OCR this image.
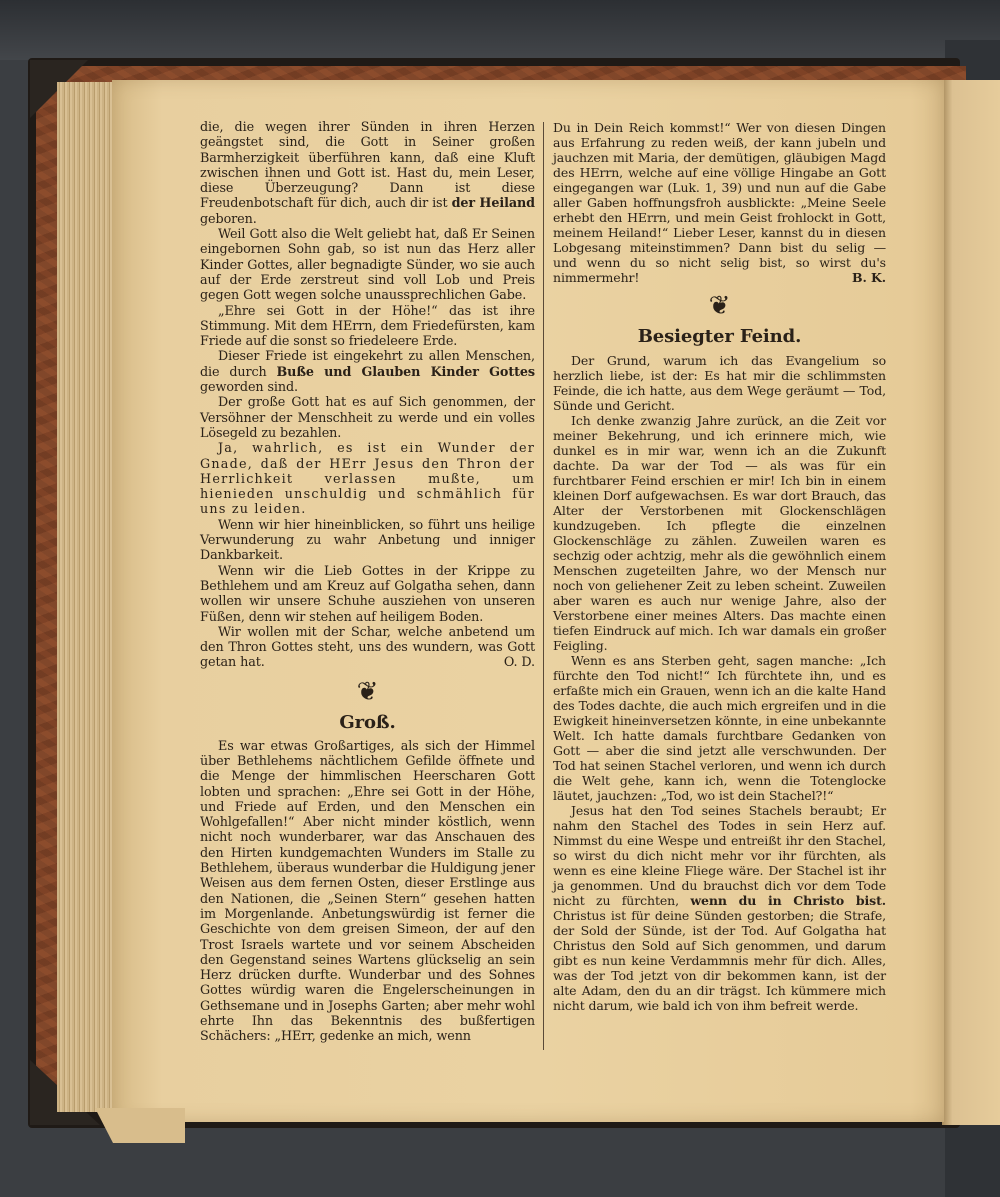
die, die wegen ihrer Sünden in ihren Herzen geängstet sind, die Gott in Seiner großen Barmherzigkeit überführen kann, daß eine Kluft zwischen ihnen und Gott ist. Hast du, mein Leser, diese Überzeugung? Dann ist diese Freudenbotschaft für dich, auch dir ist der Heiland geboren.

Weil Gott also die Welt geliebt hat, daß Er Seinen eingebornen Sohn gab, so ist nun das Herz aller Kinder Gottes, aller begnadigte Sünder, wo sie auch auf der Erde zerstreut sind voll Lob und Preis gegen Gott wegen solche unaussprechlichen Gabe.

„Ehre sei Gott in der Höhe!“ das ist ihre Stimmung. Mit dem HErrn, dem Friedefürsten, kam Friede auf die sonst so friedeleere Erde.

Dieser Friede ist eingekehrt zu allen Menschen, die durch Buße und Glauben Kinder Gottes geworden sind.

Der große Gott hat es auf Sich genommen, der Versöhner der Menschheit zu werde und ein volles Lösegeld zu bezahlen.

Ja, wahrlich, es ist ein Wunder der Gnade, daß der HErr Jesus den Thron der Herrlichkeit verlassen mußte, um hienieden unschuldig und schmählich für uns zu leiden.

Wenn wir hier hineinblicken, so führt uns heilige Verwunderung zu wahr Anbetung und inniger Dankbarkeit.

Wenn wir die Lieb Gottes in der Krippe zu Bethlehem und am Kreuz auf Golgatha sehen, dann wollen wir unsere Schuhe ausziehen von unseren Füßen, denn wir stehen auf heiligem Boden.

Wir wollen mit der Schar, welche anbetend um den Thron Gottes steht, uns des wundern, was Gott getan hat.	O. D.

❦
Groß.

Es war etwas Großartiges, als sich der Himmel über Bethlehems nächtlichem Gefilde öffnete und die Menge der himmlischen Heerscharen Gott lobten und sprachen: „Ehre sei Gott in der Höhe, und Friede auf Erden, und den Menschen ein Wohlgefallen!“ Aber nicht minder köstlich, wenn nicht noch wunderbarer, war das Anschauen des den Hirten kundgemachten Wunders im Stalle zu Bethlehem, überaus wunderbar die Huldigung jener Weisen aus dem fernen Osten, dieser Erstlinge aus den Nationen, die „Seinen Stern“ gesehen hatten im Morgenlande. Anbetungswürdig ist ferner die Geschichte von dem greisen Simeon, der auf den Trost Israels wartete und vor seinem Abscheiden den Gegenstand seines Wartens glückselig an sein Herz drücken durfte. Wunderbar und des Sohnes Gottes würdig waren die Engelerscheinungen in Gethsemane und in Josephs Garten; aber mehr wohl ehrte Ihn das Bekenntnis des bußfertigen Schächers: „HErr, gedenke an mich, wenn

Du in Dein Reich kommst!“ Wer von diesen Dingen aus Erfahrung zu reden weiß, der kann jubeln und jauchzen mit Maria, der demütigen, gläubigen Magd des HErrn, welche auf eine völlige Hingabe an Gott eingegangen war (Luk. 1, 39) und nun auf die Gabe aller Gaben hoffnungsfroh ausblickte: „Meine Seele erhebt den HErrn, und mein Geist frohlockt in Gott, meinem Heiland!“ Lieber Leser, kannst du in diesen Lobgesang miteinstimmen? Dann bist du selig — und wenn du so nicht selig bist, so wirst du's nimmermehr!	B. K.

❦
Besiegter Feind.

Der Grund, warum ich das Evangelium so herzlich liebe, ist der: Es hat mir die schlimmsten Feinde, die ich hatte, aus dem Wege geräumt — Tod, Sünde und Gericht.

Ich denke zwanzig Jahre zurück, an die Zeit vor meiner Bekehrung, und ich erinnere mich, wie dunkel es in mir war, wenn ich an die Zukunft dachte. Da war der Tod — als was für ein furchtbarer Feind erschien er mir! Ich bin in einem kleinen Dorf aufgewachsen. Es war dort Brauch, das Alter der Verstorbenen mit Glockenschlägen kundzugeben. Ich pflegte die einzelnen Glockenschläge zu zählen. Zuweilen waren es sechzig oder achtzig, mehr als die gewöhnlich einem Menschen zugeteilten Jahre, wo der Mensch nur noch von geliehener Zeit zu leben scheint. Zuweilen aber waren es auch nur wenige Jahre, also der Verstorbene einer meines Alters. Das machte einen tiefen Eindruck auf mich. Ich war damals ein großer Feigling.

Wenn es ans Sterben geht, sagen manche: „Ich fürchte den Tod nicht!“ Ich fürchtete ihn, und es erfaßte mich ein Grauen, wenn ich an die kalte Hand des Todes dachte, die auch mich ergreifen und in die Ewigkeit hineinversetzen könnte, in eine unbekannte Welt. Ich hatte damals furchtbare Gedanken von Gott — aber die sind jetzt alle verschwunden. Der Tod hat seinen Stachel verloren, und wenn ich durch die Welt gehe, kann ich, wenn die Totenglocke läutet, jauchzen: „Tod, wo ist dein Stachel?!“

Jesus hat den Tod seines Stachels beraubt; Er nahm den Stachel des Todes in sein Herz auf. Nimmst du eine Wespe und entreißt ihr den Stachel, so wirst du dich nicht mehr vor ihr fürchten, als wenn es eine kleine Fliege wäre. Der Stachel ist ihr ja genommen. Und du brauchst dich vor dem Tode nicht zu fürchten, wenn du in Christo bist. Christus ist für deine Sünden gestorben; die Strafe, der Sold der Sünde, ist der Tod. Auf Golgatha hat Christus den Sold auf Sich genommen, und darum gibt es nun keine Verdammnis mehr für dich. Alles, was der Tod jetzt von dir bekommen kann, ist der alte Adam, den du an dir trägst. Ich kümmere mich nicht darum, wie bald ich von ihm befreit werde.
